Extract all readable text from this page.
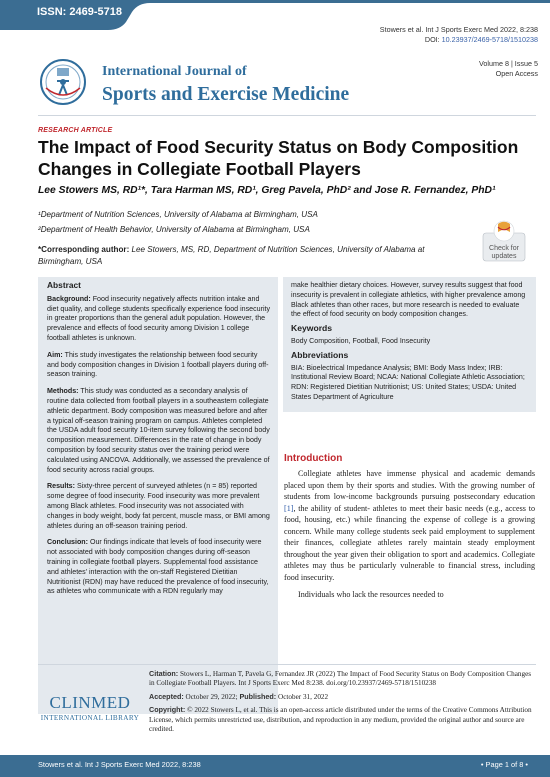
ISSN: 2469-5718
Stowers et al. Int J Sports Exerc Med 2022, 8:238
DOI: 10.23937/2469-5718/1510238
International Journal of
Sports and Exercise Medicine
Volume 8 | Issue 5
Open Access
RESEARCH ARTICLE
The Impact of Food Security Status on Body Composition Changes in Collegiate Football Players
Lee Stowers MS, RD¹*, Tara Harman MS, RD¹, Greg Pavela, PhD² and Jose R. Fernandez, PhD¹
¹Department of Nutrition Sciences, University of Alabama at Birmingham, USA
²Department of Health Behavior, University of Alabama at Birmingham, USA
*Corresponding author: Lee Stowers, MS, RD, Department of Nutrition Sciences, University of Alabama at Birmingham, USA
Check for
updates
Abstract

Background: Food insecurity negatively affects nutrition intake and diet quality, and college students specifically experience food insecurity in greater proportions than the general adult population. However, the prevalence and effects of food security among Division 1 college football athletes is unknown.

Aim: This study investigates the relationship between food security and body composition changes in Division 1 football players during off-season training.

Methods: This study was conducted as a secondary analysis of routine data collected from football players in a southeastern collegiate athletic department. Body composition was measured before and after a typical off-season training program on campus. Athletes completed the USDA adult food security 10-item survey following the second body composition measurement. Differences in the rate of change in body composition by food security status over the training period were calculated using ANCOVA. Additionally, we assessed the prevalence of food security across racial groups.

Results: Sixty-three percent of surveyed athletes (n = 85) reported some degree of food insecurity. Food insecurity was more prevalent among Black athletes. Food insecurity was not associated with changes in body weight, body fat percent, muscle mass, or BMI among athletes during an off-season training period.

Conclusion: Our findings indicate that levels of food insecurity were not associated with body composition changes during off-season training in collegiate football players. Supplemental food assistance and athletes' interaction with the on-staff Registered Dietitian Nutritionist (RDN) may have reduced the prevalence of food insecurity, as athletes who communicate with a RDN regularly may

make healthier dietary choices. However, survey results suggest that food insecurity is prevalent in collegiate athletics, with higher prevalence among Black athletes than other races, but more research is needed to evaluate the effect of food security on body composition changes.

Keywords

Body Composition, Football, Food Insecurity

Abbreviations

BIA: Bioelectrical Impedance Analysis; BMI: Body Mass Index; IRB: Institutional Review Board; NCAA: National Collegiate Athletic Association; RDN: Registered Dietitian Nutritionist; US: United States; USDA: United States Department of Agriculture

Introduction

Collegiate athletes have immense physical and academic demands placed upon them by their sports and studies. With the growing number of students from low-income backgrounds pursuing postsecondary education [1], the ability of student- athletes to meet their basic needs (e.g., access to food, housing, etc.) while financing the expense of college is a growing concern. While many college students seek paid employment to supplement their finances, collegiate athletes rarely maintain steady employment throughout the year given their obligation to sport and academics. Collegiate athletes may thus be particularly vulnerable to financial stress, including food insecurity.

Individuals who lack the resources needed to

CLINMED
INTERNATIONAL LIBRARY

Citation: Stowers L, Harman T, Pavela G, Fernandez JR (2022) The Impact of Food Security Status on Body Composition Changes in Collegiate Football Players. Int J Sports Exerc Med 8:238. doi.org/10.23937/2469-5718/1510238

Accepted: October 29, 2022; Published: October 31, 2022

Copyright: © 2022 Stowers L, et al. This is an open-access article distributed under the terms of the Creative Commons Attribution License, which permits unrestricted use, distribution, and reproduction in any medium, provided the original author and source are credited.

Stowers et al. Int J Sports Exerc Med 2022, 8:238	• Page 1 of 8 •
